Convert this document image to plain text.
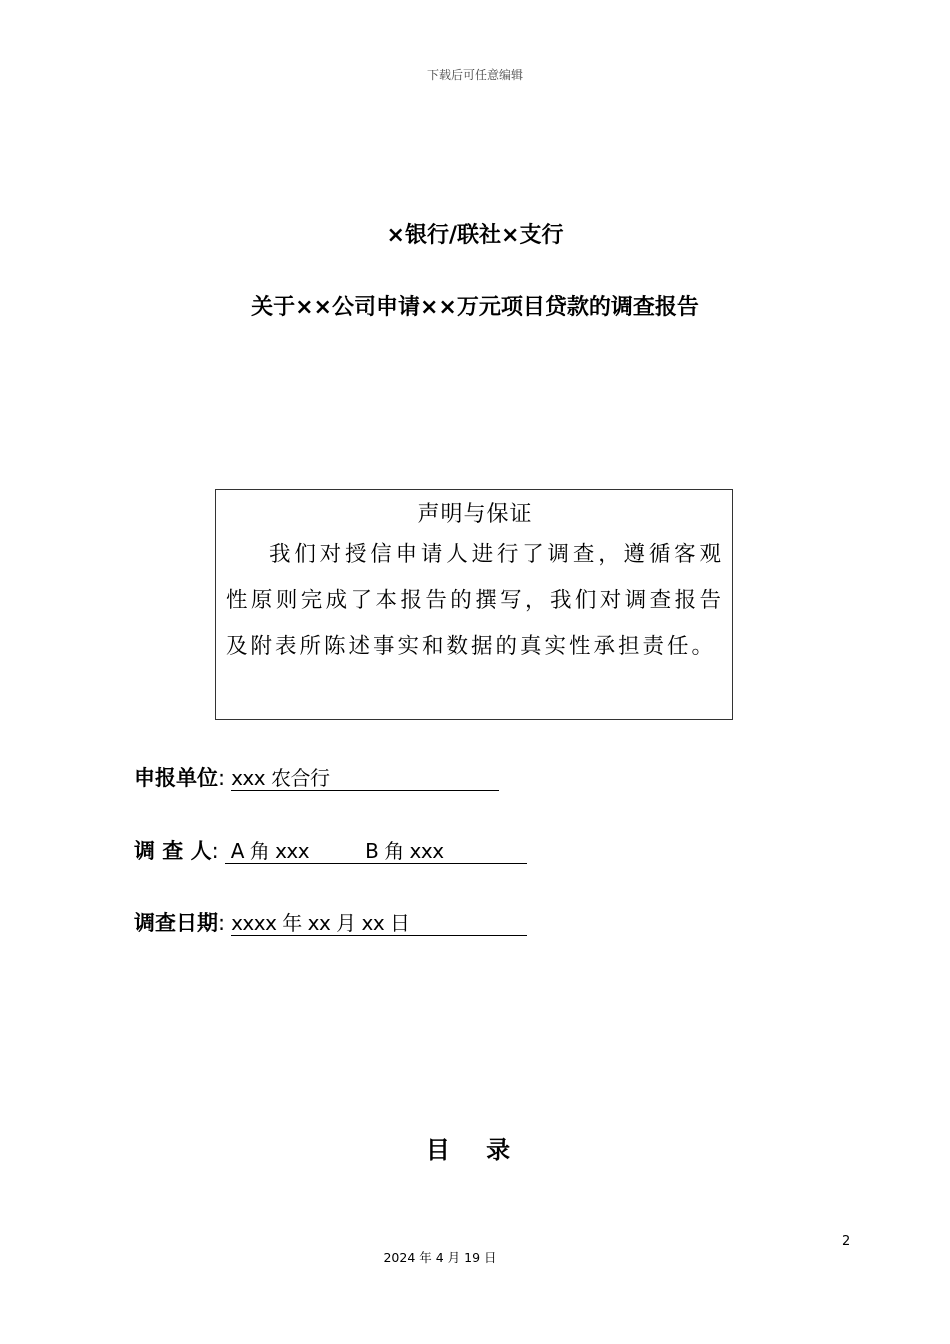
下载后可任意编辑
×银行/联社×支行
关于××公司申请××万元项目贷款的调查报告
声明与保证
我们对授信申请人进行了调查，遵循客观性原则完成了本报告的撰写，我们对调查报告及附表所陈述事实和数据的真实性承担责任。
申报单位: xxx 农合行
调 查 人: A 角 xxx	B 角 xxx
调查日期: xxxx 年 xx 月 xx 日
目 录
2
2024 年 4 月 19 日
